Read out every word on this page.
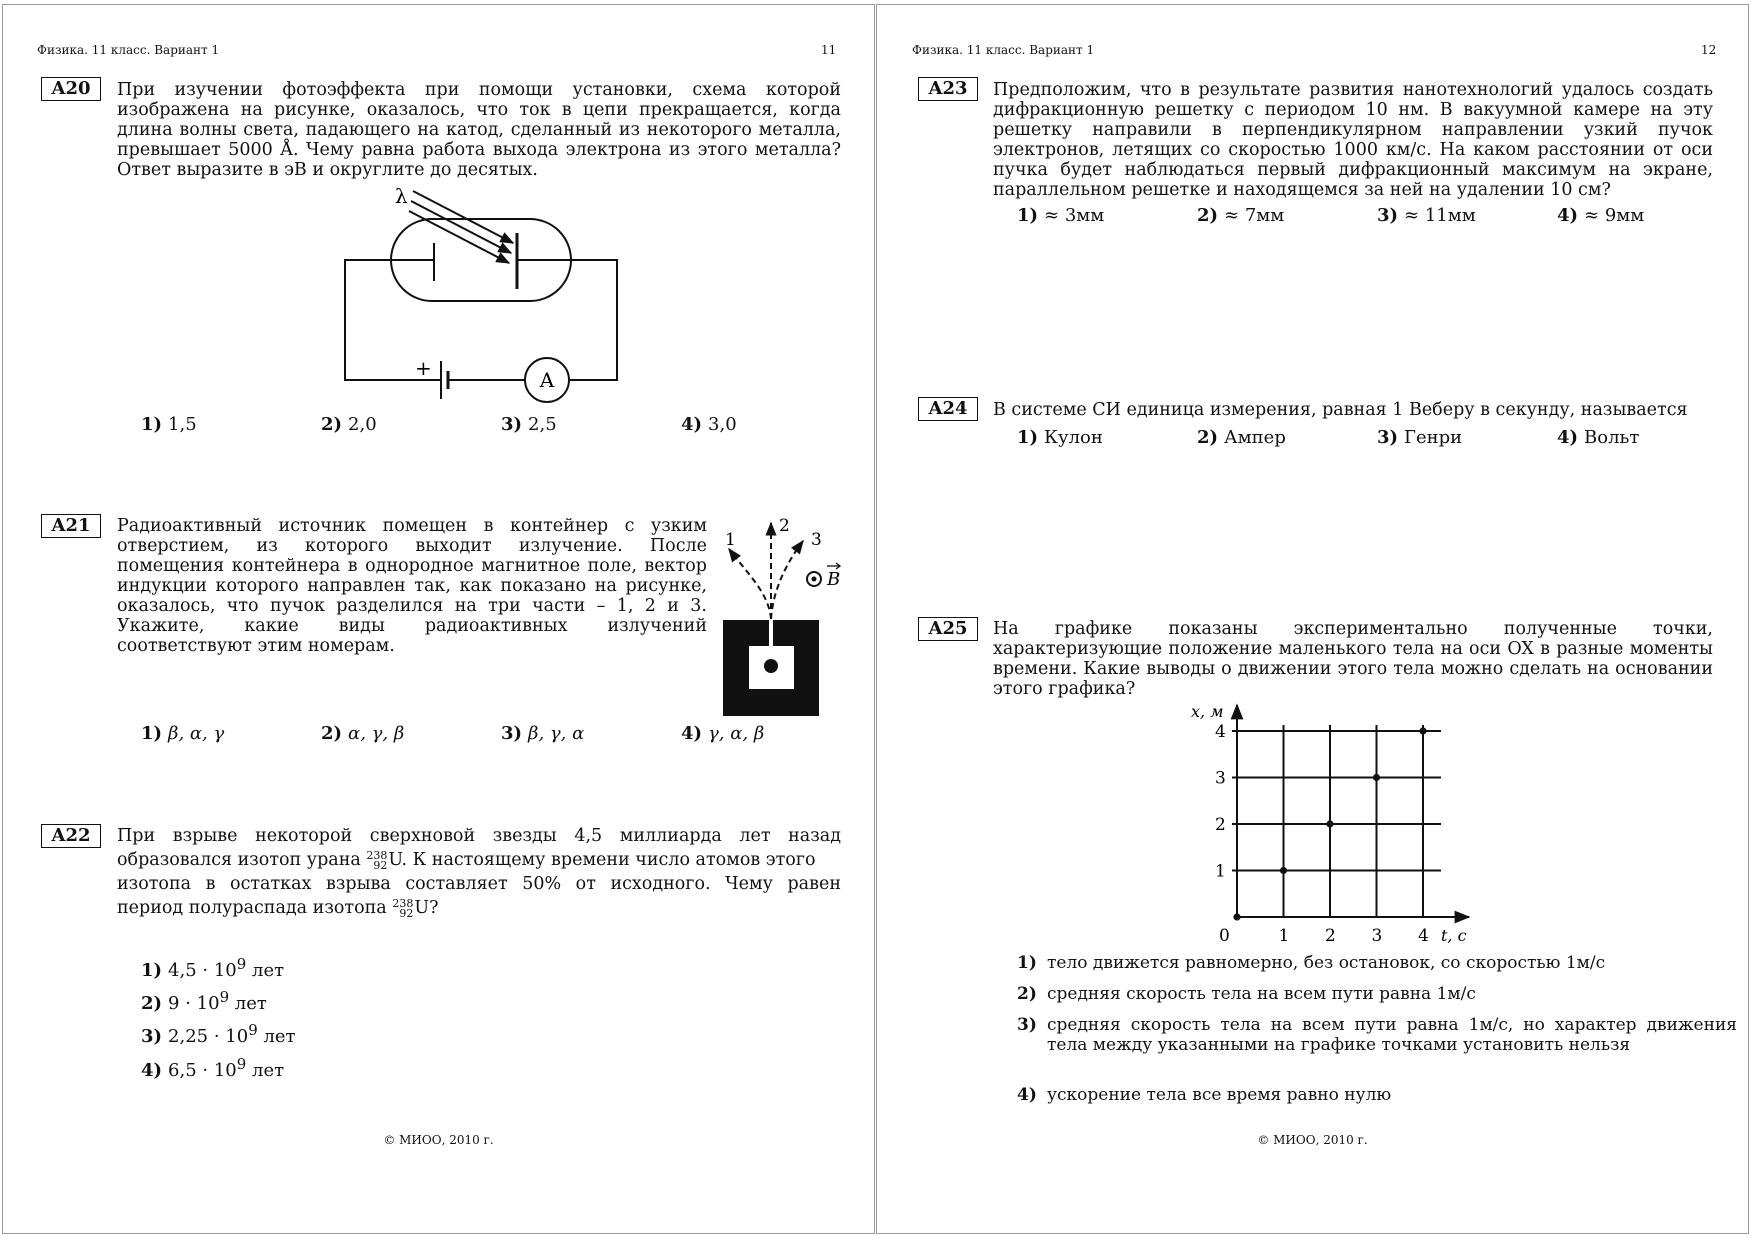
Физика. 11 класс. Вариант 1	11
A20	При изучении фотоэффекта при помощи установки, схема которой изображена на рисунке, оказалось, что ток в цепи прекращается, когда длина волны света, падающего на катод, сделанный из некоторого металла, превышает 5000 Å. Чему равна работа выхода электрона из этого металла? Ответ выразите в эВ и округлите до десятых.
+	A
λ
1) 1,5	2) 2,0	3) 2,5	4) 3,0
A21	Радиоактивный источник помещен в контейнер с узким отверстием, из которого выходит излучение. После помещения контейнера в однородное магнитное поле, вектор индукции которого направлен так, как показано на рисунке, оказалось, что пучок разделился на три части – 1, 2 и 3. Укажите, какие виды радиоактивных излучений соответствуют этим номерам.
1
2
3
B
1) β, α, γ	2) α, γ, β	3) β, γ, α	4) γ, α, β
A22	При взрыве некоторой сверхновой звезды 4,5 миллиарда лет назад
образовался изотоп урана 238
92 U. К настоящему времени число атомов этого
изотопа в остатках взрыва составляет 50% от исходного. Чему равен
период полураспада изотопа 238
92 U?
1) $4,5 \cdot 10^9$ лет
2) $9 \cdot 10^9$ лет
3) $2,25 \cdot 10^9$ лет
4) $6,5 \cdot 10^9$ лет
© МИОО, 2010 г.
Физика. 11 класс. Вариант 1	12
A23	Предположим, что в результате развития нанотехнологий удалось создать дифракционную решетку с периодом 10 нм. В вакуумной камере на эту решетку направили в перпендикулярном направлении узкий пучок электронов, летящих со скоростью 1000 км/с. На каком расстоянии от оси пучка будет наблюдаться первый дифракционный максимум на экране, параллельном решетке и находящемся за ней на удалении 10 см?
1) ≈ 3мм	2) ≈ 7мм	3) ≈ 11мм	4) ≈ 9мм
A24	В системе СИ единица измерения, равная 1 Веберу в секунду, называется
1) Кулон	2) Ампер	3) Генри	4) Вольт
A25	На графике показаны экспериментально полученные точки, характеризующие положение маленького тела на оси OX в разные моменты времени. Какие выводы о движении этого тела можно сделать на основании этого графика?
x, м
t, с
0	1 2 3 4
1
2
3
4
1) тело движется равномерно, без остановок, со скоростью 1м/с
2) средняя скорость тела на всем пути равна 1м/с
3) средняя скорость тела на всем пути равна 1м/с, но характер движения тела между указанными на графике точками установить нельзя
4) ускорение тела все время равно нулю
© МИОО, 2010 г.
